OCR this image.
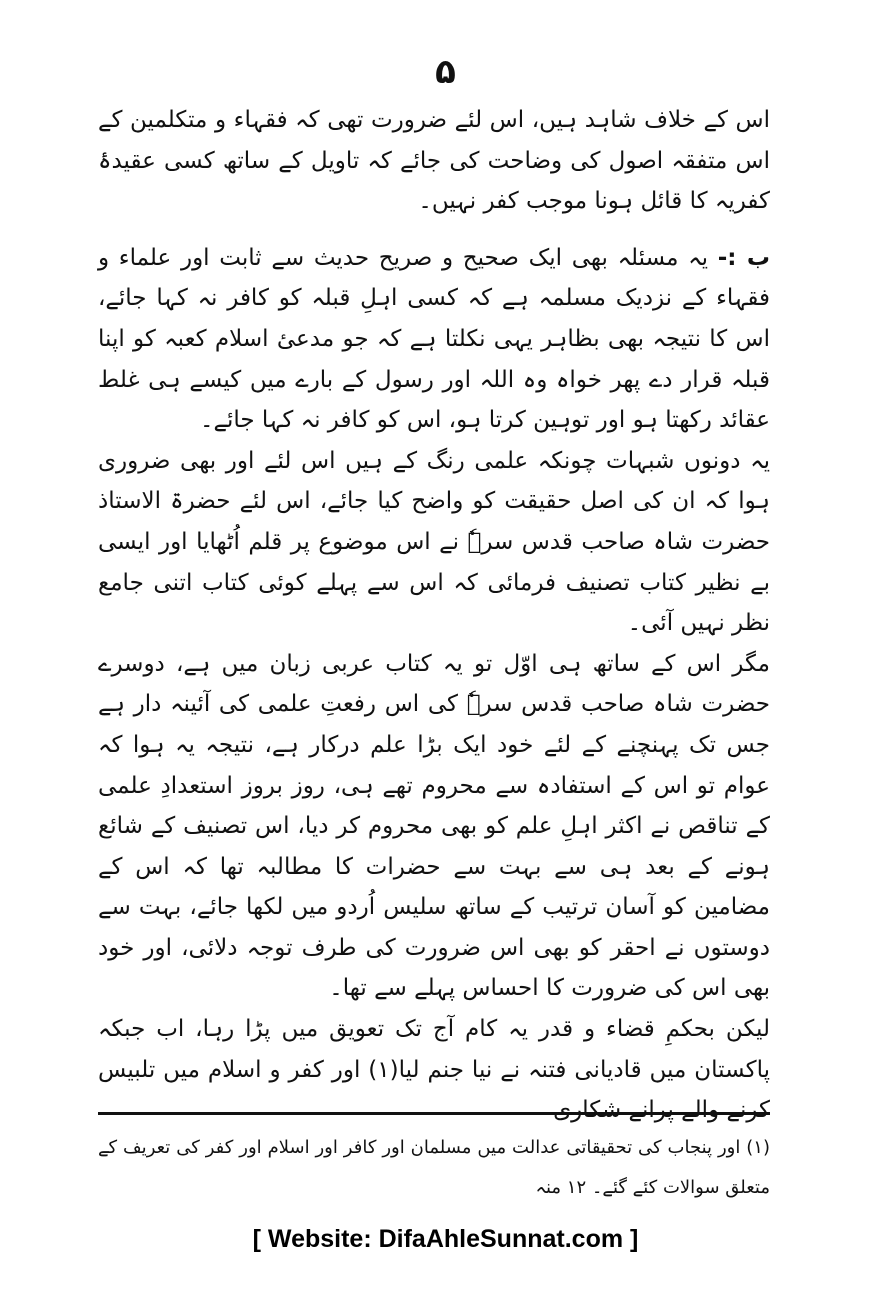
۵

اس کے خلاف شاہد ہیں، اس لئے ضرورت تھی کہ فقہاء و متکلمین کے اس متفقہ اصول کی وضاحت کی جائے کہ تاویل کے ساتھ کسی عقیدۂ کفریہ کا قائل ہونا موجب کفر نہیں۔

ب :- یہ مسئلہ بھی ایک صحیح و صریح حدیث سے ثابت اور علماء و فقہاء کے نزدیک مسلمہ ہے کہ کسی اہلِ قبلہ کو کافر نہ کہا جائے، اس کا نتیجہ بھی بظاہر یہی نکلتا ہے کہ جو مدعیٔ اسلام کعبہ کو اپنا قبلہ قرار دے پھر خواہ وہ اللہ اور رسول کے بارے میں کیسے ہی غلط عقائد رکھتا ہو اور توہین کرتا ہو، اس کو کافر نہ کہا جائے۔

یہ دونوں شبہات چونکہ علمی رنگ کے ہیں اس لئے اور بھی ضروری ہوا کہ ان کی اصل حقیقت کو واضح کیا جائے، اس لئے حضرۃ الاستاذ حضرت شاہ صاحب قدس سرہٗ نے اس موضوع پر قلم اُٹھایا اور ایسی بے نظیر کتاب تصنیف فرمائی کہ اس سے پہلے کوئی کتاب اتنی جامع نظر نہیں آئی۔

مگر اس کے ساتھ ہی اوّل تو یہ کتاب عربی زبان میں ہے، دوسرے حضرت شاہ صاحب قدس سرہٗ کی اس رفعتِ علمی کی آئینہ دار ہے جس تک پہنچنے کے لئے خود ایک بڑا علم درکار ہے، نتیجہ یہ ہوا کہ عوام تو اس کے استفادہ سے محروم تھے ہی، روز بروز استعدادِ علمی کے تناقص نے اکثر اہلِ علم کو بھی محروم کر دیا، اس تصنیف کے شائع ہونے کے بعد ہی سے بہت سے حضرات کا مطالبہ تھا کہ اس کے مضامین کو آسان ترتیب کے ساتھ سلیس اُردو میں لکھا جائے، بہت سے دوستوں نے احقر کو بھی اس ضرورت کی طرف توجہ دلائی، اور خود بھی اس کی ضرورت کا احساس پہلے سے تھا۔

لیکن بحکمِ قضاء و قدر یہ کام آج تک تعویق میں پڑا رہا، اب جبکہ پاکستان میں قادیانی فتنہ نے نیا جنم لیا(۱) اور کفر و اسلام میں تلبیس کرنے والے پرانے شکاری

(۱) اور پنجاب کی تحقیقاتی عدالت میں مسلمان اور کافر اور اسلام اور کفر کی تعریف کے متعلق سوالات کئے گئے۔ ۱۲ منہ

[ Website: DifaAhleSunnat.com ]
